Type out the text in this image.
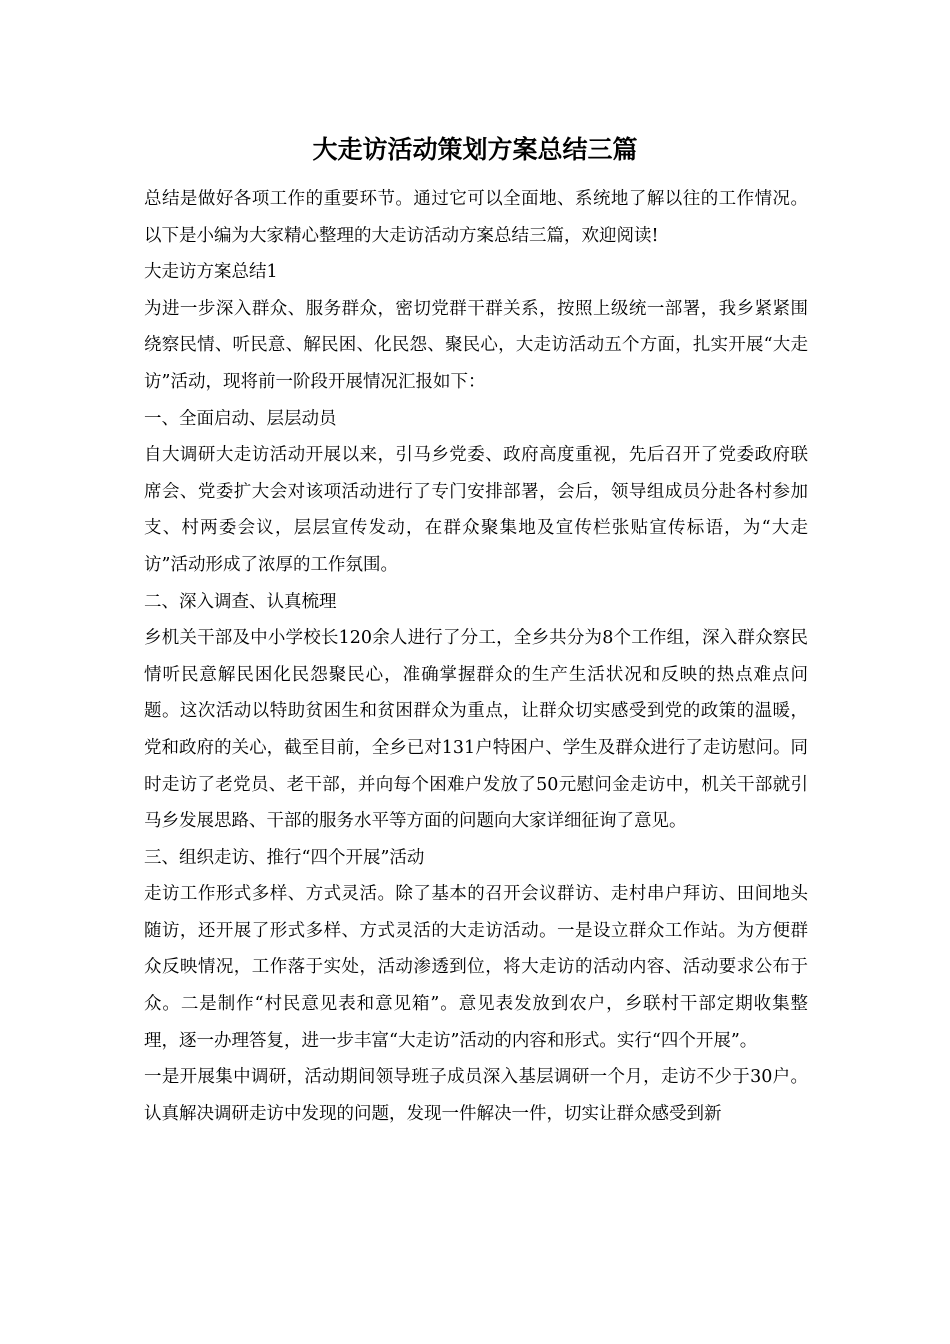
大走访活动策划方案总结三篇

总结是做好各项工作的重要环节。通过它可以全面地、系统地了解以往的工作情况。以下是小编为大家精心整理的大走访活动方案总结三篇，欢迎阅读!

大走访方案总结1

为进一步深入群众、服务群众，密切党群干群关系，按照上级统一部署，我乡紧紧围绕察民情、听民意、解民困、化民怨、聚民心，大走访活动五个方面，扎实开展“大走访”活动，现将前一阶段开展情况汇报如下：

一、全面启动、层层动员

自大调研大走访活动开展以来，引马乡党委、政府高度重视，先后召开了党委政府联席会、党委扩大会对该项活动进行了专门安排部署，会后，领导组成员分赴各村参加支、村两委会议，层层宣传发动，在群众聚集地及宣传栏张贴宣传标语，为“大走访”活动形成了浓厚的工作氛围。

二、深入调查、认真梳理

乡机关干部及中小学校长120余人进行了分工，全乡共分为8个工作组，深入群众察民情听民意解民困化民怨聚民心，准确掌握群众的生产生活状况和反映的热点难点问题。这次活动以特助贫困生和贫困群众为重点，让群众切实感受到党的政策的温暖，党和政府的关心，截至目前，全乡已对131户特困户、学生及群众进行了走访慰问。同时走访了老党员、老干部，并向每个困难户发放了50元慰问金走访中，机关干部就引马乡发展思路、干部的服务水平等方面的问题向大家详细征询了意见。

三、组织走访、推行“四个开展”活动

走访工作形式多样、方式灵活。除了基本的召开会议群访、走村串户拜访、田间地头随访，还开展了形式多样、方式灵活的大走访活动。一是设立群众工作站。为方便群众反映情况，工作落于实处，活动渗透到位，将大走访的活动内容、活动要求公布于众。二是制作“村民意见表和意见箱”。意见表发放到农户，乡联村干部定期收集整理，逐一办理答复，进一步丰富“大走访”活动的内容和形式。实行“四个开展”。

一是开展集中调研，活动期间领导班子成员深入基层调研一个月，走访不少于30户。认真解决调研走访中发现的问题，发现一件解决一件，切实让群众感受到新
